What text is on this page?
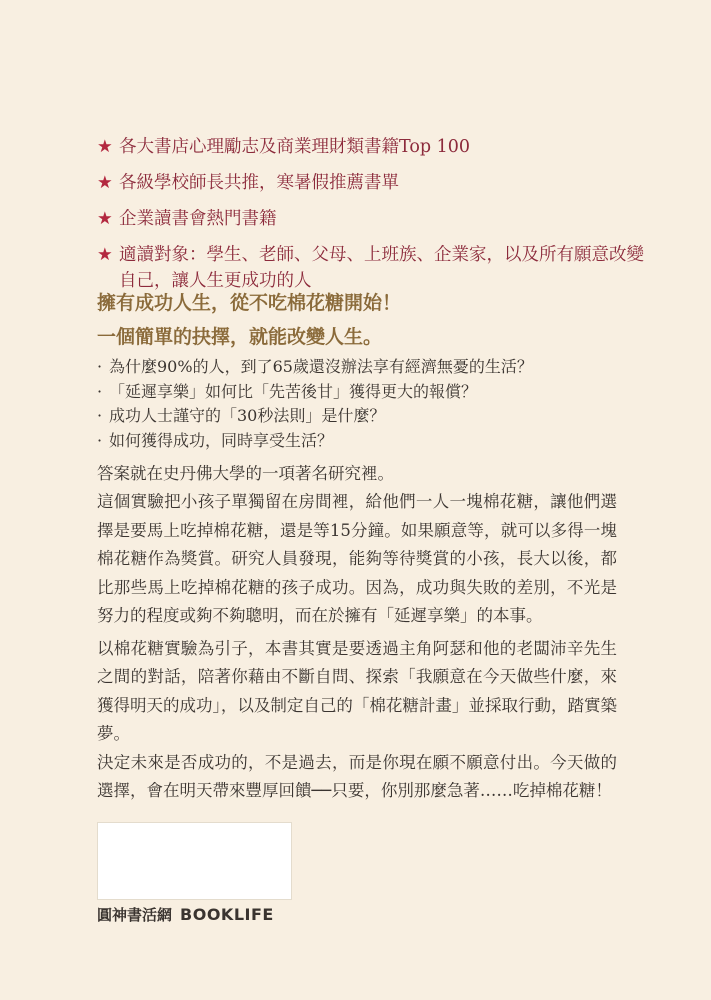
★ 各大書店心理勵志及商業理財類書籍Top 100
★ 各級學校師長共推，寒暑假推薦書單
★ 企業讀書會熱門書籍
★ 適讀對象：學生、老師、父母、上班族、企業家，以及所有願意改變自己，讓人生更成功的人
擁有成功人生，從不吃棉花糖開始！
一個簡單的抉擇，就能改變人生。
· 為什麼90%的人，到了65歲還沒辦法享有經濟無憂的生活？
· 「延遲享樂」如何比「先苦後甘」獲得更大的報償？
· 成功人士謹守的「30秒法則」是什麼？
· 如何獲得成功，同時享受生活？
答案就在史丹佛大學的一項著名研究裡。
這個實驗把小孩子單獨留在房間裡，給他們一人一塊棉花糖，讓他們選擇是要馬上吃掉棉花糖，還是等15分鐘。如果願意等，就可以多得一塊棉花糖作為獎賞。研究人員發現，能夠等待獎賞的小孩，長大以後，都比那些馬上吃掉棉花糖的孩子成功。因為，成功與失敗的差別，不光是努力的程度或夠不夠聰明，而在於擁有「延遲享樂」的本事。
以棉花糖實驗為引子，本書其實是要透過主角阿瑟和他的老闆沛辛先生之間的對話，陪著你藉由不斷自問、探索「我願意在今天做些什麼，來獲得明天的成功」，以及制定自己的「棉花糖計畫」並採取行動，踏實築夢。
決定未來是否成功的，不是過去，而是你現在願不願意付出。今天做的選擇，會在明天帶來豐厚回饋──只要，你別那麼急著……吃掉棉花糖！
圓神書活網 BOOKLIFE
